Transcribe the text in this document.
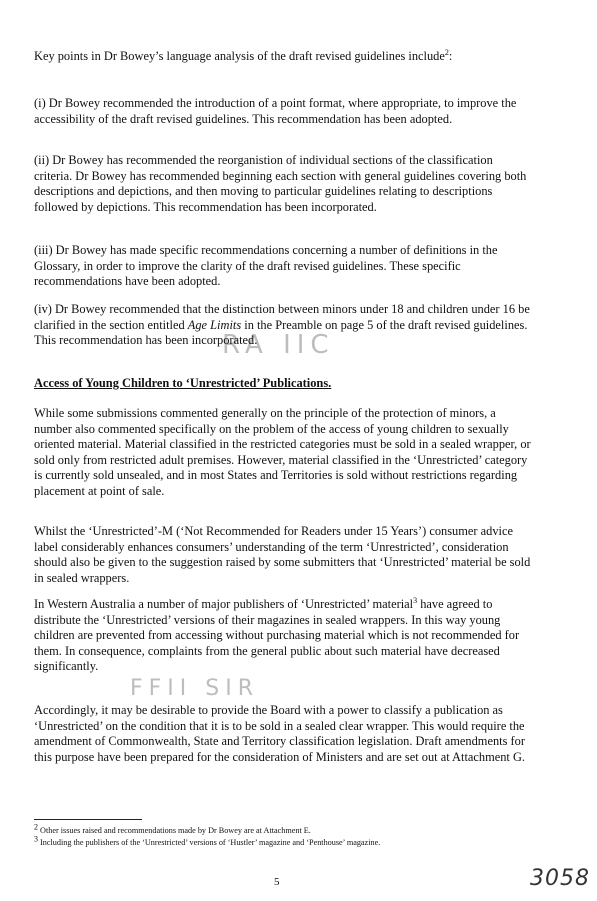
RA IIC
FFII SIR

Key points in Dr Bowey’s language analysis of the draft revised guidelines include$^2$:

(i) Dr Bowey recommended the introduction of a point format, where appropriate, to improve the accessibility of the draft revised guidelines. This recommendation has been adopted.

(ii) Dr Bowey has recommended the reorganistion of individual sections of the classification criteria. Dr Bowey has recommended beginning each section with general guidelines covering both descriptions and depictions, and then moving to particular guidelines relating to descriptions followed by depictions. This recommendation has been incorporated.

(iii) Dr Bowey has made specific recommendations concerning a number of definitions in the Glossary, in order to improve the clarity of the draft revised guidelines. These specific recommendations have been adopted.

(iv) Dr Bowey recommended that the distinction between minors under 18 and children under 16 be clarified in the section entitled Age Limits in the Preamble on page 5 of the draft revised guidelines. This recommendation has been incorporated.

Access of Young Children to ‘Unrestricted’ Publications.

While some submissions commented generally on the principle of the protection of minors, a number also commented specifically on the problem of the access of young children to sexually oriented material. Material classified in the restricted categories must be sold in a sealed wrapper, or sold only from restricted adult premises. However, material classified in the ‘Unrestricted’ category is currently sold unsealed, and in most States and Territories is sold without restrictions regarding placement at point of sale.

Whilst the ‘Unrestricted’-M (‘Not Recommended for Readers under 15 Years’) consumer advice label considerably enhances consumers’ understanding of the term ‘Unrestricted’, consideration should also be given to the suggestion raised by some submitters that ‘Unrestricted’ material be sold in sealed wrappers.

In Western Australia a number of major publishers of ‘Unrestricted’ material$^3$ have agreed to distribute the ‘Unrestricted’ versions of their magazines in sealed wrappers. In this way young children are prevented from accessing without purchasing material which is not recommended for them. In consequence, complaints from the general public about such material have decreased significantly.

Accordingly, it may be desirable to provide the Board with a power to classify a publication as ‘Unrestricted’ on the condition that it is to be sold in a sealed clear wrapper. This would require the amendment of Commonwealth, State and Territory classification legislation. Draft amendments for this purpose have been prepared for the consideration of Ministers and are set out at Attachment G.

$^2$ Other issues raised and recommendations made by Dr Bowey are at Attachment E.

$^3$ Including the publishers of the ‘Unrestricted’ versions of ‘Hustler’ magazine and ‘Penthouse’ magazine.

5	3058
